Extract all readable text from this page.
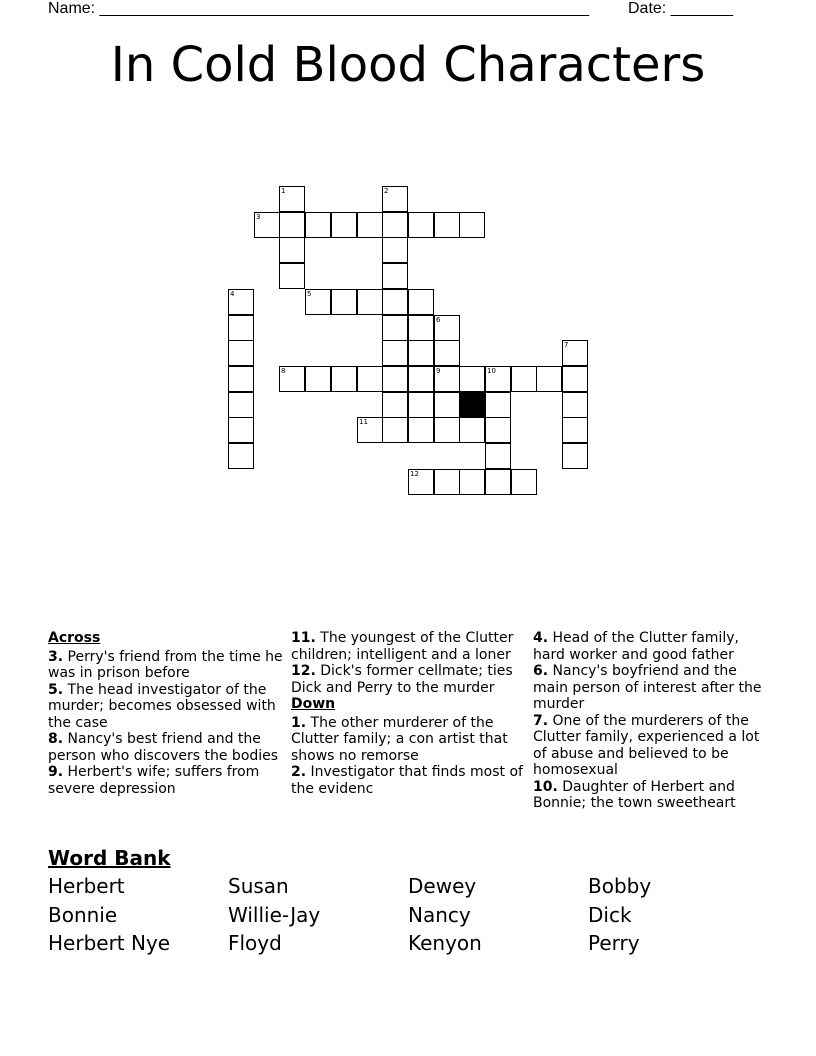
Name: _______________________________________________________ Date: _______
In Cold Blood Characters
1	2
3
4	5
6
7
8	9	10
11
12
Across
3. Perry's friend from the time he was in prison before
5. The head investigator of the murder; becomes obsessed with the case
8. Nancy's best friend and the person who discovers the bodies
9. Herbert's wife; suffers from severe depression
11. The youngest of the Clutter children; intelligent and a loner
12. Dick's former cellmate; ties Dick and Perry to the murder
Down
1. The other murderer of the Clutter family; a con artist that shows no remorse
2. Investigator that finds most of the evidenc
4. Head of the Clutter family, hard worker and good father
6. Nancy's boyfriend and the main person of interest after the murder
7. One of the murderers of the Clutter family, experienced a lot of abuse and believed to be homosexual
10. Daughter of Herbert and Bonnie; the town sweetheart
Word Bank
Herbert	Susan	Dewey	Bobby
Bonnie	Willie-Jay	Nancy	Dick
Herbert Nye	Floyd	Kenyon	Perry
